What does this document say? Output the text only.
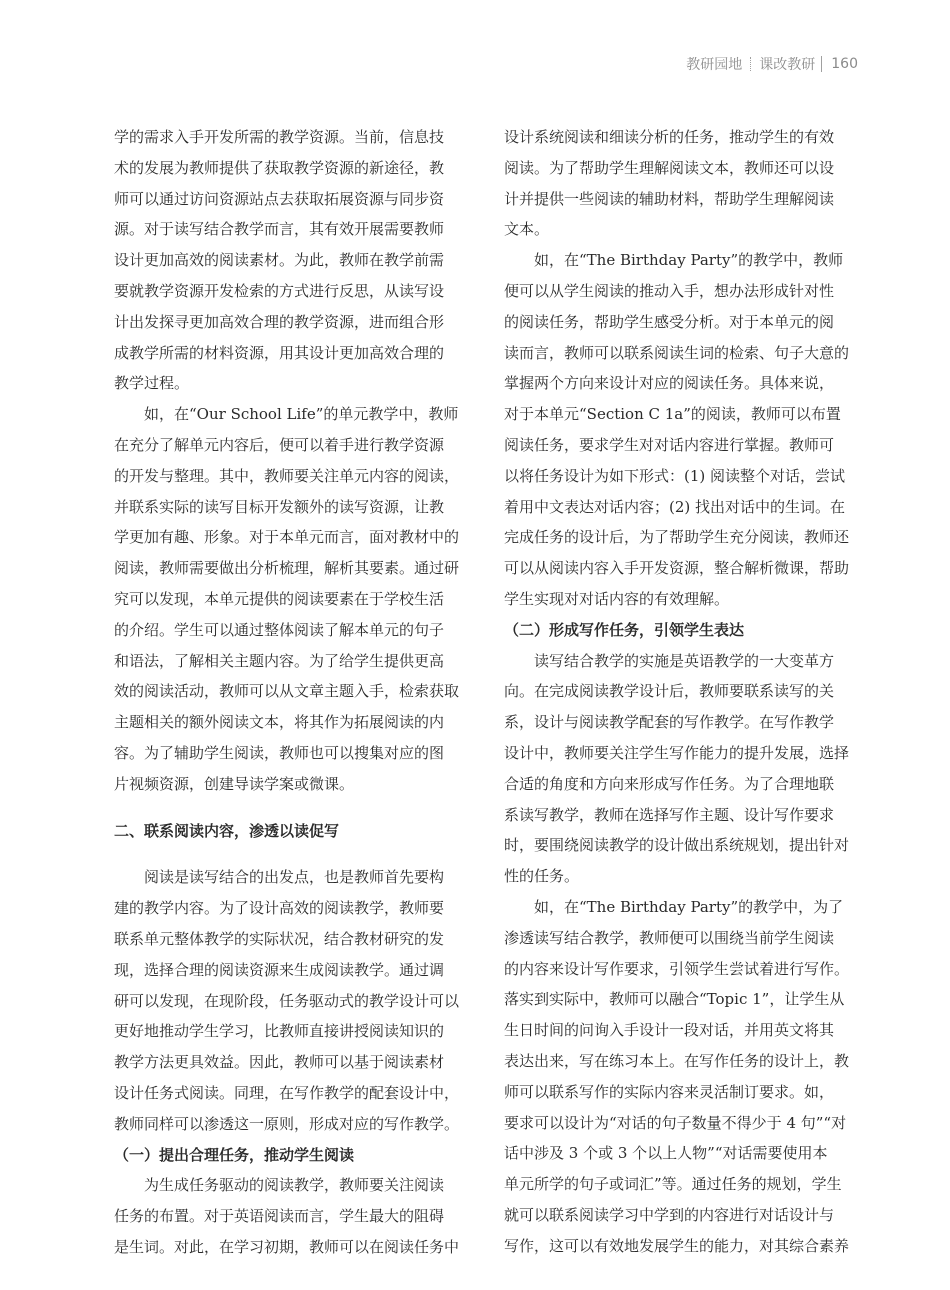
教研园地 课改教研 160

学的需求入手开发所需的教学资源。当前，信息技
术的发展为教师提供了获取教学资源的新途径，教
师可以通过访问资源站点去获取拓展资源与同步资
源。对于读写结合教学而言，其有效开展需要教师
设计更加高效的阅读素材。为此，教师在教学前需
要就教学资源开发检索的方式进行反思，从读写设
计出发探寻更加高效合理的教学资源，进而组合形
成教学所需的材料资源，用其设计更加高效合理的
教学过程。

如，在“Our School Life”的单元教学中，教师
在充分了解单元内容后，便可以着手进行教学资源
的开发与整理。其中，教师要关注单元内容的阅读，
并联系实际的读写目标开发额外的读写资源，让教
学更加有趣、形象。对于本单元而言，面对教材中的
阅读，教师需要做出分析梳理，解析其要素。通过研
究可以发现，本单元提供的阅读要素在于学校生活
的介绍。学生可以通过整体阅读了解本单元的句子
和语法，了解相关主题内容。为了给学生提供更高
效的阅读活动，教师可以从文章主题入手，检索获取
主题相关的额外阅读文本，将其作为拓展阅读的内
容。为了辅助学生阅读，教师也可以搜集对应的图
片视频资源，创建导读学案或微课。

二、联系阅读内容，渗透以读促写

阅读是读写结合的出发点，也是教师首先要构
建的教学内容。为了设计高效的阅读教学，教师要
联系单元整体教学的实际状况，结合教材研究的发
现，选择合理的阅读资源来生成阅读教学。通过调
研可以发现，在现阶段，任务驱动式的教学设计可以
更好地推动学生学习，比教师直接讲授阅读知识的
教学方法更具效益。因此，教师可以基于阅读素材
设计任务式阅读。同理，在写作教学的配套设计中，
教师同样可以渗透这一原则，形成对应的写作教学。

（一）提出合理任务，推动学生阅读

为生成任务驱动的阅读教学，教师要关注阅读
任务的布置。对于英语阅读而言，学生最大的阻碍
是生词。对此，在学习初期，教师可以在阅读任务中

设计系统阅读和细读分析的任务，推动学生的有效
阅读。为了帮助学生理解阅读文本，教师还可以设
计并提供一些阅读的辅助材料，帮助学生理解阅读
文本。

如，在“The Birthday Party”的教学中，教师
便可以从学生阅读的推动入手，想办法形成针对性
的阅读任务，帮助学生感受分析。对于本单元的阅
读而言，教师可以联系阅读生词的检索、句子大意的
掌握两个方向来设计对应的阅读任务。具体来说，
对于本单元“Section C 1a”的阅读，教师可以布置
阅读任务，要求学生对对话内容进行掌握。教师可
以将任务设计为如下形式：(1) 阅读整个对话，尝试
着用中文表达对话内容；(2) 找出对话中的生词。在
完成任务的设计后，为了帮助学生充分阅读，教师还
可以从阅读内容入手开发资源，整合解析微课，帮助
学生实现对对话内容的有效理解。

（二）形成写作任务，引领学生表达

读写结合教学的实施是英语教学的一大变革方
向。在完成阅读教学设计后，教师要联系读写的关
系，设计与阅读教学配套的写作教学。在写作教学
设计中，教师要关注学生写作能力的提升发展，选择
合适的角度和方向来形成写作任务。为了合理地联
系读写教学，教师在选择写作主题、设计写作要求
时，要围绕阅读教学的设计做出系统规划，提出针对
性的任务。

如，在“The Birthday Party”的教学中，为了
渗透读写结合教学，教师便可以围绕当前学生阅读
的内容来设计写作要求，引领学生尝试着进行写作。
落实到实际中，教师可以融合“Topic 1”，让学生从
生日时间的问询入手设计一段对话，并用英文将其
表达出来，写在练习本上。在写作任务的设计上，教
师可以联系写作的实际内容来灵活制订要求。如，
要求可以设计为“对话的句子数量不得少于 4 句”“对
话中涉及 3 个或 3 个以上人物”“对话需要使用本
单元所学的句子或词汇”等。通过任务的规划，学生
就可以联系阅读学习中学到的内容进行对话设计与
写作，这可以有效地发展学生的能力，对其综合素养
